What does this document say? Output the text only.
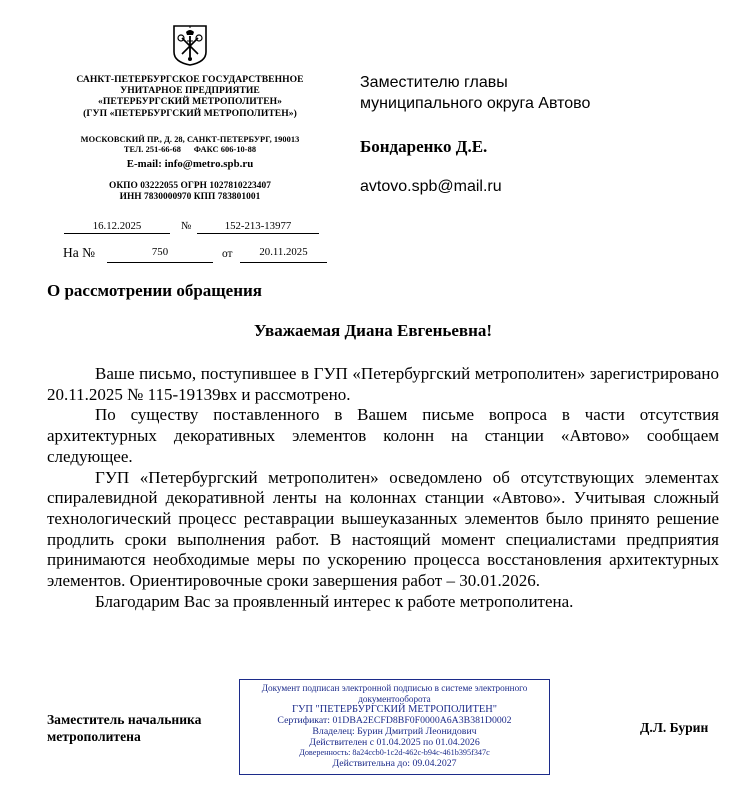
САНКТ-ПЕТЕРБУРГСКОЕ ГОСУДАРСТВЕННОЕ
УНИТАРНОЕ ПРЕДПРИЯТИЕ
«ПЕТЕРБУРГСКИЙ МЕТРОПОЛИТЕН»
(ГУП «ПЕТЕРБУРГСКИЙ МЕТРОПОЛИТЕН»)
МОСКОВСКИЙ ПР., Д. 28, САНКТ-ПЕТЕРБУРГ, 190013
ТЕЛ. 251-66-68      ФАКС 606-10-88
E-mail: info@metro.spb.ru
ОКПО 03222055 ОГРН 1027810223407
ИНН 7830000970 КПП 783801001
16.12.2025	№	152-213-13977
На №	750	от	20.11.2025
Заместителю главы
муниципального округа Автово
Бондаренко Д.Е.
avtovo.spb@mail.ru
О рассмотрении обращения
Уважаемая Диана Евгеньевна!

Ваше письмо, поступившее в ГУП «Петербургский метрополитен» зарегистрировано 20.11.2025 № 115-19139вх и рассмотрено.

По существу поставленного в Вашем письме вопроса в части отсутствия архитектурных декоративных элементов колонн на станции «Автово» сообщаем следующее.

ГУП «Петербургский метрополитен» осведомлено об отсутствующих элементах спиралевидной декоративной ленты на колоннах станции «Автово». Учитывая сложный технологический процесс реставрации вышеуказанных элементов было принято решение продлить сроки выполнения работ. В настоящий момент специалистами предприятия принимаются необходимые меры по ускорению процесса восстановления архитектурных элементов. Ориентировочные сроки завершения работ – 30.01.2026.

Благодарим Вас за проявленный интерес к работе метрополитена.

Заместитель начальника
метрополитена
Документ подписан электронной подписью в системе электронного
документооборота
ГУП "ПЕТЕРБУРГСКИЙ МЕТРОПОЛИТЕН"
Сертификат: 01DBA2ECFD8BF0F0000A6A3B381D0002
Владелец: Бурин Дмитрий Леонидович
Действителен с 01.04.2025 по 01.04.2026
Доверенность: 8a24ccb0-1c2d-462c-b94c-461b395f347c
Действительна до: 09.04.2027
Д.Л. Бурин
